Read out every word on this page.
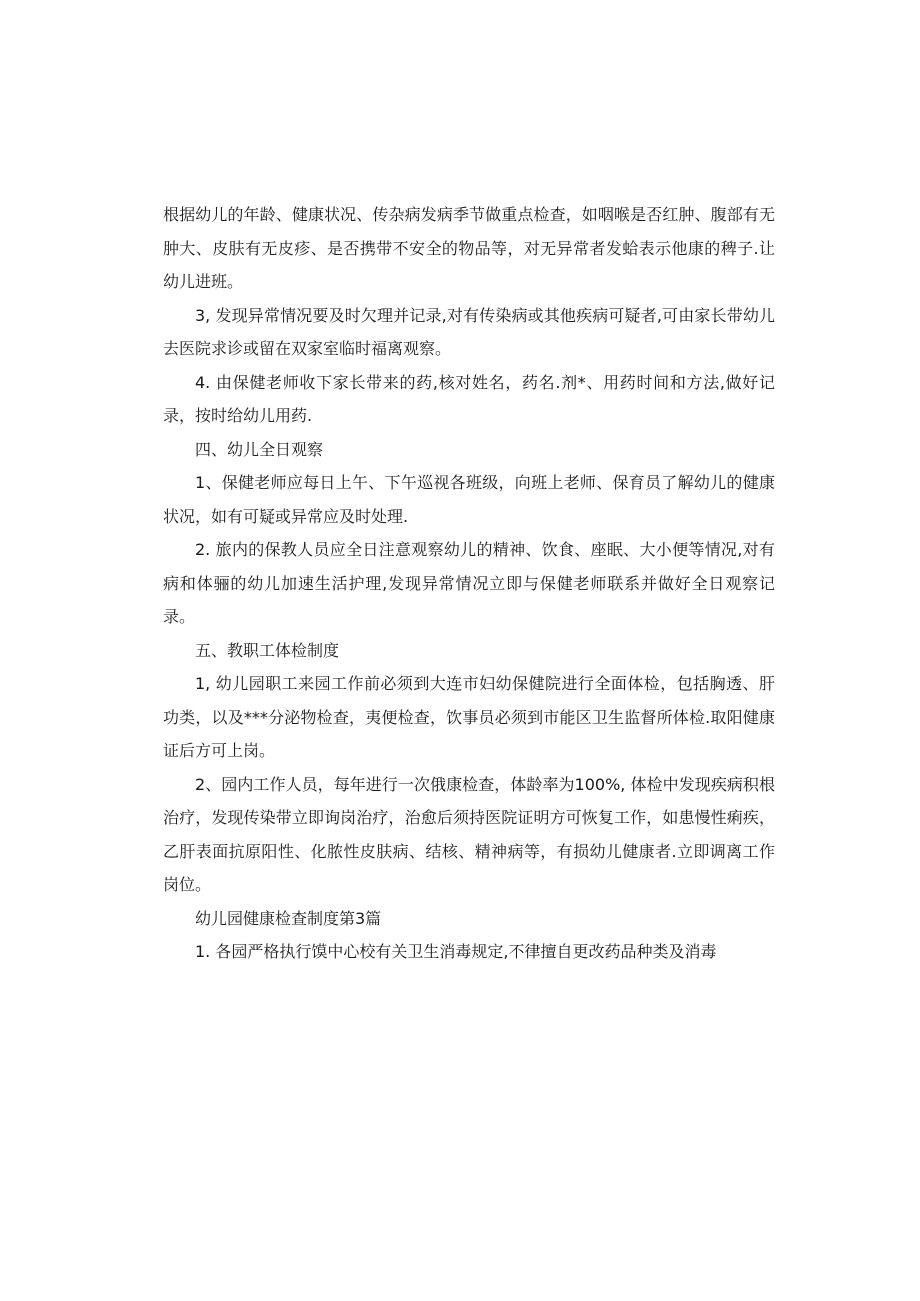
根据幼儿的年龄、健康状况、传杂病发病季节做重点检查，如咽喉是否红肿、腹部有无肿大、皮肤有无皮疹、是否携带不安全的物品等，对无异常者发蛤表示他康的稗子.让幼儿进班。

3, 发现异常情况要及时欠理并记录,对有传染病或其他疾病可疑者,可由家长带幼儿去医院求诊或留在双家室临时福离观察。

4. 由保健老师收下家长带来的药,核对姓名，药名.剂*、用药时间和方法,做好记录，按时给幼儿用药.

四、幼儿全日观察

1、保健老师应每日上午、下午巡视各班级，向班上老师、保育员了解幼儿的健康状况，如有可疑或异常应及时处理.

2. 旅内的保教人员应全日注意观察幼儿的精神、饮食、座眠、大小便等情况,对有病和体骊的幼儿加速生活护理,发现异常情况立即与保健老师联系并做好全日观察记录。

五、教职工体检制度

1, 幼儿园职工来园工作前必须到大连市妇幼保健院进行全面体检，包括胸透、肝功类，以及***分泌物检查，夷便检查，饮事员必须到市能区卫生监督所体检.取阳健康证后方可上岗。

2、园内工作人员，每年进行一次俄康检查，体龄率为100%, 体检中发现疾病积根治疗，发现传染带立即询岗治疗，治愈后须持医院证明方可恢复工作，如患慢性痢疾，乙肝表面抗原阳性、化脓性皮肤病、结核、精神病等，有损幼儿健康者.立即调离工作岗位。

幼儿园健康检查制度第3篇

1. 各园严格执行馍中心校有关卫生消毒规定,不律擅自更改药品种类及消毒
